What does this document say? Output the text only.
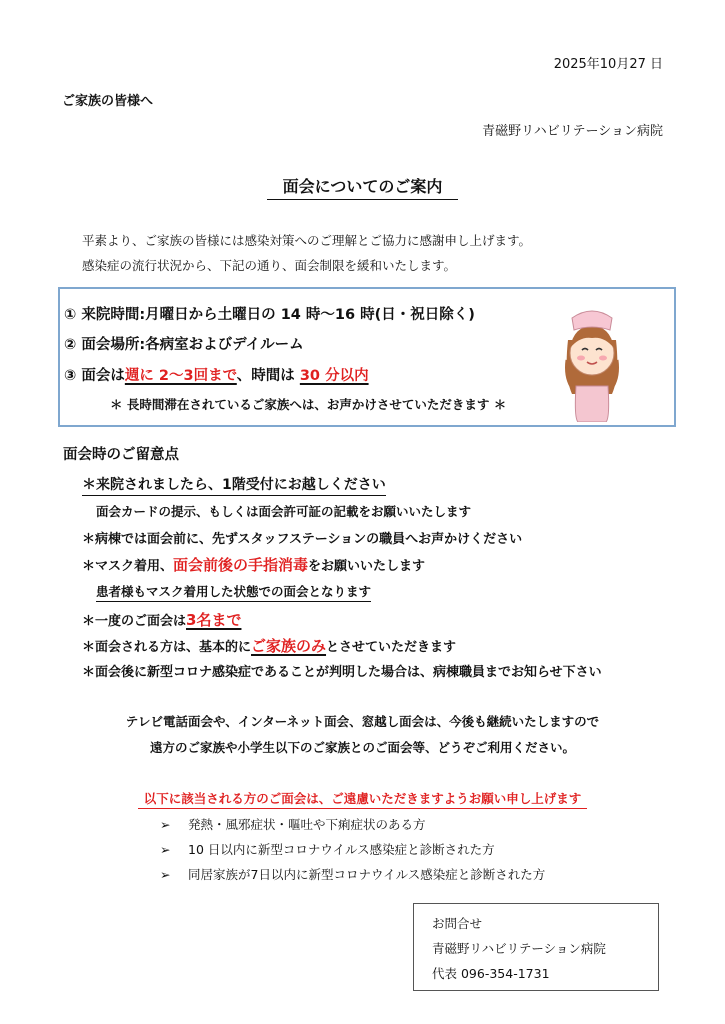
2025年10月27 日
ご家族の皆様へ
青磁野リハビリテーション病院
面会についてのご案内
平素より、ご家族の皆様には感染対策へのご理解とご協力に感謝申し上げます。
感染症の流行状況から、下記の通り、面会制限を緩和いたします。
① 来院時間:月曜日から土曜日の 14 時～16 時(日・祝日除く)
② 面会場所:各病室およびデイルーム
③ 面会は週に 2～3回まで、時間は 30 分以内
＊ 長時間滞在されているご家族へは、お声かけさせていただきます ＊
面会時のご留意点
＊来院されましたら、1階受付にお越しください
面会カードの提示、もしくは面会許可証の記載をお願いいたします
＊病棟では面会前に、先ずスタッフステーションの職員へお声かけください
＊マスク着用、面会前後の手指消毒をお願いいたします
患者様もマスク着用した状態での面会となります
＊一度のご面会は3名まで
＊面会される方は、基本的にご家族のみとさせていただきます
＊面会後に新型コロナ感染症であることが判明した場合は、病棟職員までお知らせ下さい
テレビ電話面会や、インターネット面会、窓越し面会は、今後も継続いたしますので
遠方のご家族や小学生以下のご家族とのご面会等、どうぞご利用ください。
以下に該当される方のご面会は、ご遠慮いただきますようお願い申し上げます
➢ 発熱・風邪症状・嘔吐や下痢症状のある方
➢ 10 日以内に新型コロナウイルス感染症と診断された方
➢ 同居家族が7日以内に新型コロナウイルス感染症と診断された方
お問合せ
青磁野リハビリテーション病院
代表 096-354-1731
